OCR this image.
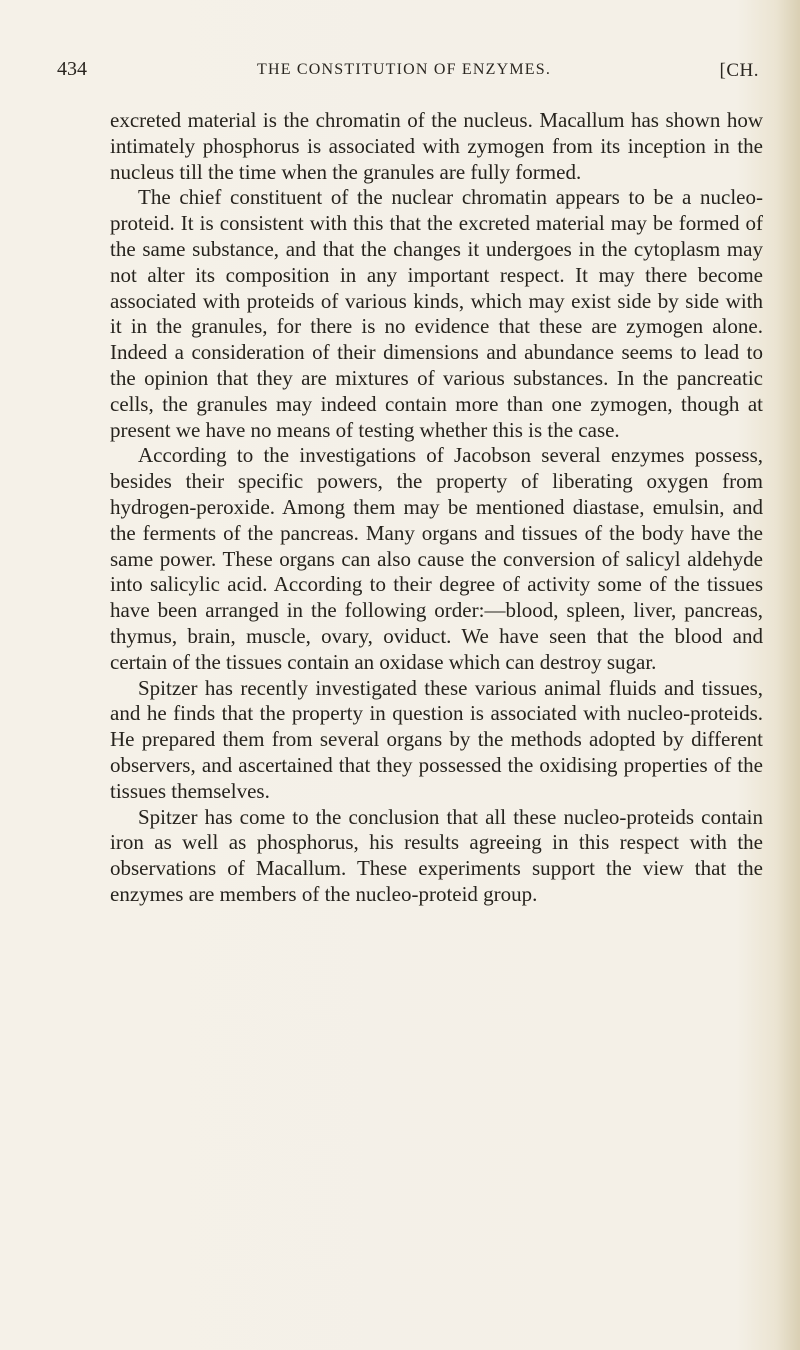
434	THE CONSTITUTION OF ENZYMES.	[CH.

excreted material is the chromatin of the nucleus. Macallum has shown how intimately phosphorus is associated with zymogen from its inception in the nucleus till the time when the granules are fully formed.

The chief constituent of the nuclear chromatin appears to be a nucleo-proteid. It is consistent with this that the excreted material may be formed of the same substance, and that the changes it undergoes in the cytoplasm may not alter its composition in any important respect. It may there become associated with proteids of various kinds, which may exist side by side with it in the granules, for there is no evidence that these are zymogen alone. Indeed a consideration of their dimensions and abundance seems to lead to the opinion that they are mixtures of various substances. In the pancreatic cells, the granules may indeed contain more than one zymogen, though at present we have no means of testing whether this is the case.

According to the investigations of Jacobson several enzymes possess, besides their specific powers, the property of liberating oxygen from hydrogen-peroxide. Among them may be mentioned diastase, emulsin, and the ferments of the pancreas. Many organs and tissues of the body have the same power. These organs can also cause the conversion of salicyl aldehyde into salicylic acid. According to their degree of activity some of the tissues have been arranged in the following order:—blood, spleen, liver, pancreas, thymus, brain, muscle, ovary, oviduct. We have seen that the blood and certain of the tissues contain an oxidase which can destroy sugar.

Spitzer has recently investigated these various animal fluids and tissues, and he finds that the property in question is associated with nucleo-proteids. He prepared them from several organs by the methods adopted by different observers, and ascertained that they possessed the oxidising properties of the tissues themselves.

Spitzer has come to the conclusion that all these nucleo-proteids contain iron as well as phosphorus, his results agreeing in this respect with the observations of Macallum. These experiments support the view that the enzymes are members of the nucleo-proteid group.
